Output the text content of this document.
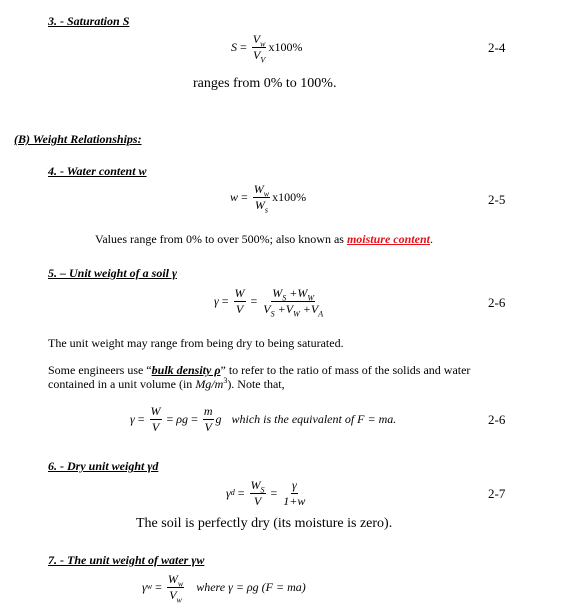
3. - Saturation S
$S = \frac{V_w}{V_V} x100\%$	2-4
ranges from 0% to 100%.
(B) Weight Relationships:
4. - Water content w
$w = \frac{W_w}{W_s} x100\%$	2-5
Values range from 0% to over 500%; also known as moisture content.
5. – Unit weight of a soil γ
$\gamma = \frac{W}{V} = \frac{W_S +W_W}{V_S +V_W +V_A}$	2-6
The unit weight may range from being dry to being saturated.
Some engineers use “bulk density ρ” to refer to the ratio of mass of the solids and water
contained in a unit volume (in $Mg/m^3$). Note that,
$\gamma = \frac{W}{V} = \rho g = \frac{m}{V}$ g which is the equivalent of F = ma.	2-6
6. - Dry unit weight γd
γ $d = \frac{W_S}{V} = \frac{\gamma}{1+w}$	2-7
The soil is perfectly dry (its moisture is zero).
7. - The unit weight of water γw
γ $w = \frac{W_w}{V_w}$ where γ = ρg (F = ma)
